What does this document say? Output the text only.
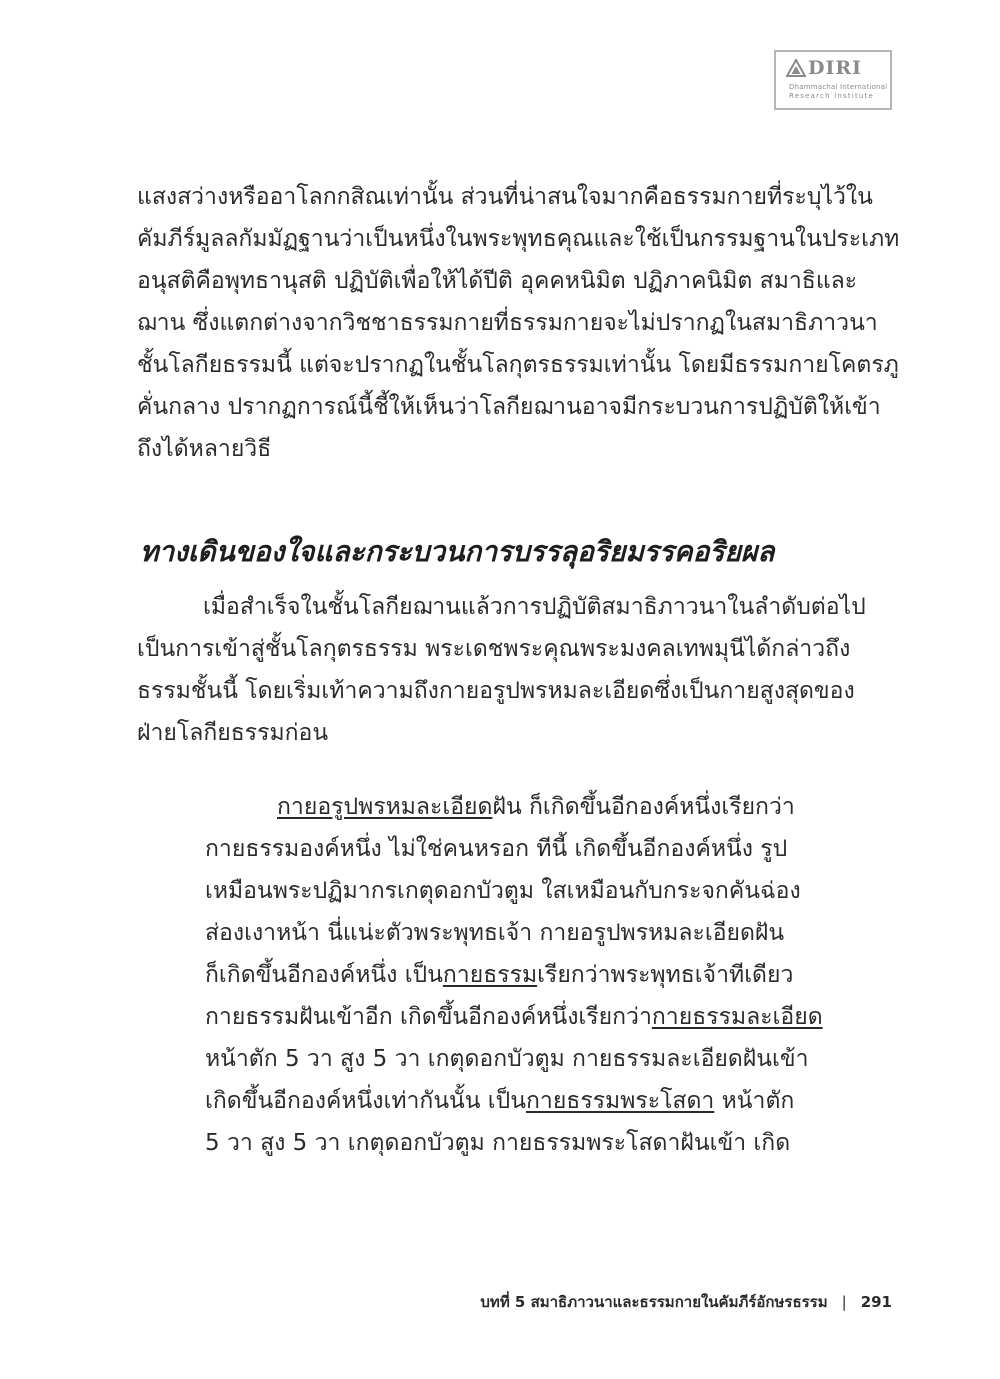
DIRI
Dhammachai International
Research Institute
แสงสว่างหรืออาโลกกสิณเท่านั้น ส่วนที่น่าสนใจมากคือธรรมกายที่ระบุไว้ใน
คัมภีร์มูลลกัมมัฏฐานว่าเป็นหนึ่งในพระพุทธคุณและใช้เป็นกรรมฐานในประเภท
อนุสติคือพุทธานุสติ ปฏิบัติเพื่อให้ได้ปีติ อุคคหนิมิต ปฏิภาคนิมิต สมาธิและ
ฌาน ซึ่งแตกต่างจากวิชชาธรรมกายที่ธรรมกายจะไม่ปรากฏในสมาธิภาวนา
ชั้นโลกียธรรมนี้ แต่จะปรากฏในชั้นโลกุตรธรรมเท่านั้น โดยมีธรรมกายโคตรภู
คั่นกลาง ปรากฏการณ์นี้ชี้ให้เห็นว่าโลกียฌานอาจมีกระบวนการปฏิบัติให้เข้า
ถึงได้หลายวิธี
ทางเดินของใจและกระบวนการบรรลุอริยมรรคอริยผล
เมื่อสำเร็จในชั้นโลกียฌานแล้วการปฏิบัติสมาธิภาวนาในลำดับต่อไป
เป็นการเข้าสู่ชั้นโลกุตรธรรม พระเดชพระคุณพระมงคลเทพมุนีได้กล่าวถึง
ธรรมชั้นนี้ โดยเริ่มเท้าความถึงกายอรูปพรหมละเอียดซึ่งเป็นกายสูงสุดของ
ฝ่ายโลกียธรรมก่อน
กายอรูปพรหมละเอียดฝัน ก็เกิดขึ้นอีกองค์หนึ่งเรียกว่า
กายธรรมองค์หนึ่ง ไม่ใช่คนหรอก ทีนี้ เกิดขึ้นอีกองค์หนึ่ง รูป
เหมือนพระปฏิมากรเกตุดอกบัวตูม ใสเหมือนกับกระจกคันฉ่อง
ส่องเงาหน้า นี่แน่ะตัวพระพุทธเจ้า กายอรูปพรหมละเอียดฝัน
ก็เกิดขึ้นอีกองค์หนึ่ง เป็นกายธรรมเรียกว่าพระพุทธเจ้าทีเดียว
กายธรรมฝันเข้าอีก เกิดขึ้นอีกองค์หนึ่งเรียกว่ากายธรรมละเอียด
หน้าตัก 5 วา สูง 5 วา เกตุดอกบัวตูม กายธรรมละเอียดฝันเข้า
เกิดขึ้นอีกองค์หนึ่งเท่ากันนั้น เป็นกายธรรมพระโสดา หน้าตัก
5 วา สูง 5 วา เกตุดอกบัวตูม กายธรรมพระโสดาฝันเข้า เกิด
บทที่ 5 สมาธิภาวนาและธรรมกายในคัมภีร์อักษรธรรม | 291
